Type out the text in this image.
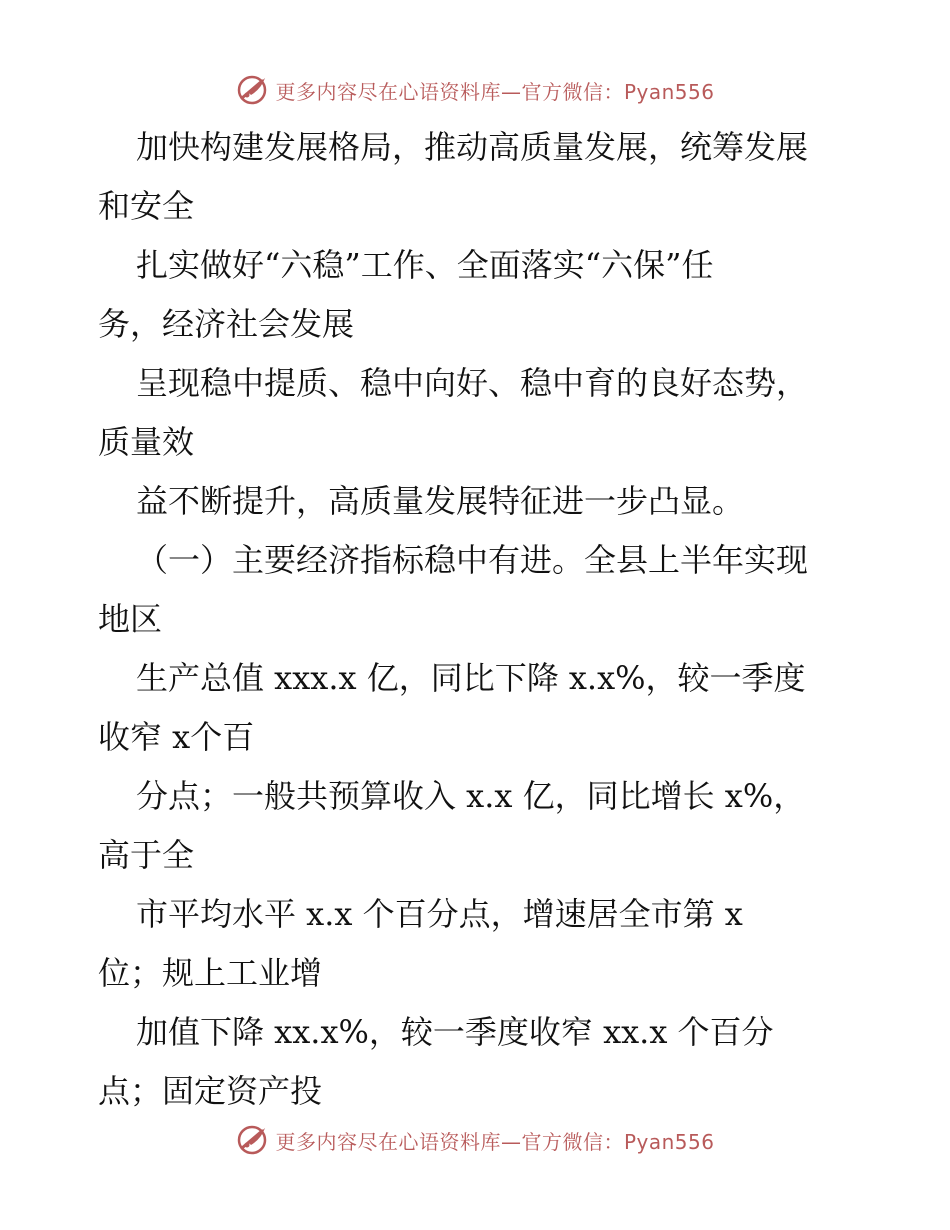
更多内容尽在心语资料库—官方微信：Pyan556
加快构建发展格局，推动高质量发展，统筹发展
和安全
扎实做好“六稳”工作、全面落实“六保”任
务，经济社会发展
呈现稳中提质、稳中向好、稳中育的良好态势，
质量效
益不断提升，高质量发展特征进一步凸显。
（一）主要经济指标稳中有进。全县上半年实现
地区
生产总值 xxx.x 亿，同比下降 x.x%，较一季度
收窄 x个百
分点；一般共预算收入 x.x 亿，同比增长 x%，
高于全
市平均水平 x.x 个百分点，增速居全市第 x
位；规上工业增
加值下降 xx.x%，较一季度收窄 xx.x 个百分
点；固定资产投
更多内容尽在心语资料库—官方微信：Pyan556
